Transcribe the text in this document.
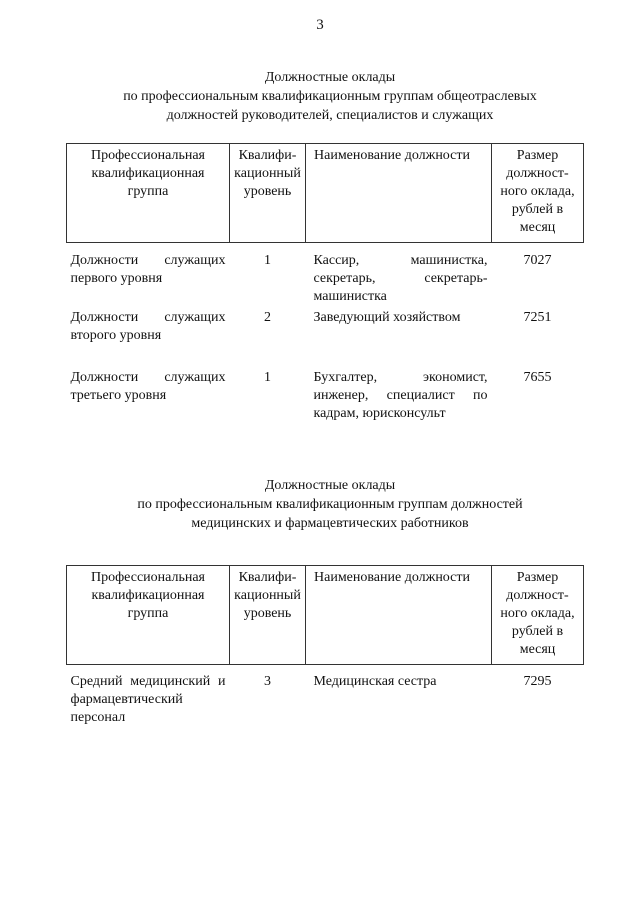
3
Должностные оклады
по профессиональным квалификационным группам общеотраслевых
должностей руководителей, специалистов и служащих
Профессиональная квалификационная группа	Квалифи-кационный уровень	Наименование должности	Размер должност-ного оклада, рублей в месяц
Должности служащих первого уровня	1	Кассир, машинистка, секретарь, секретарь-машинистка	7027
Должности служащих второго уровня	2	Заведующий хозяйством	7251
Должности служащих третьего уровня	1	Бухгалтер, экономист, инженер, специалист по кадрам, юрисконсульт	7655
Должностные оклады
по профессиональным квалификационным группам должностей
медицинских и фармацевтических работников
Профессиональная квалификационная группа	Квалифи-кационный уровень	Наименование должности	Размер должност-ного оклада, рублей в месяц
Средний медицинский и фармацевтический персонал	3	Медицинская сестра	7295
